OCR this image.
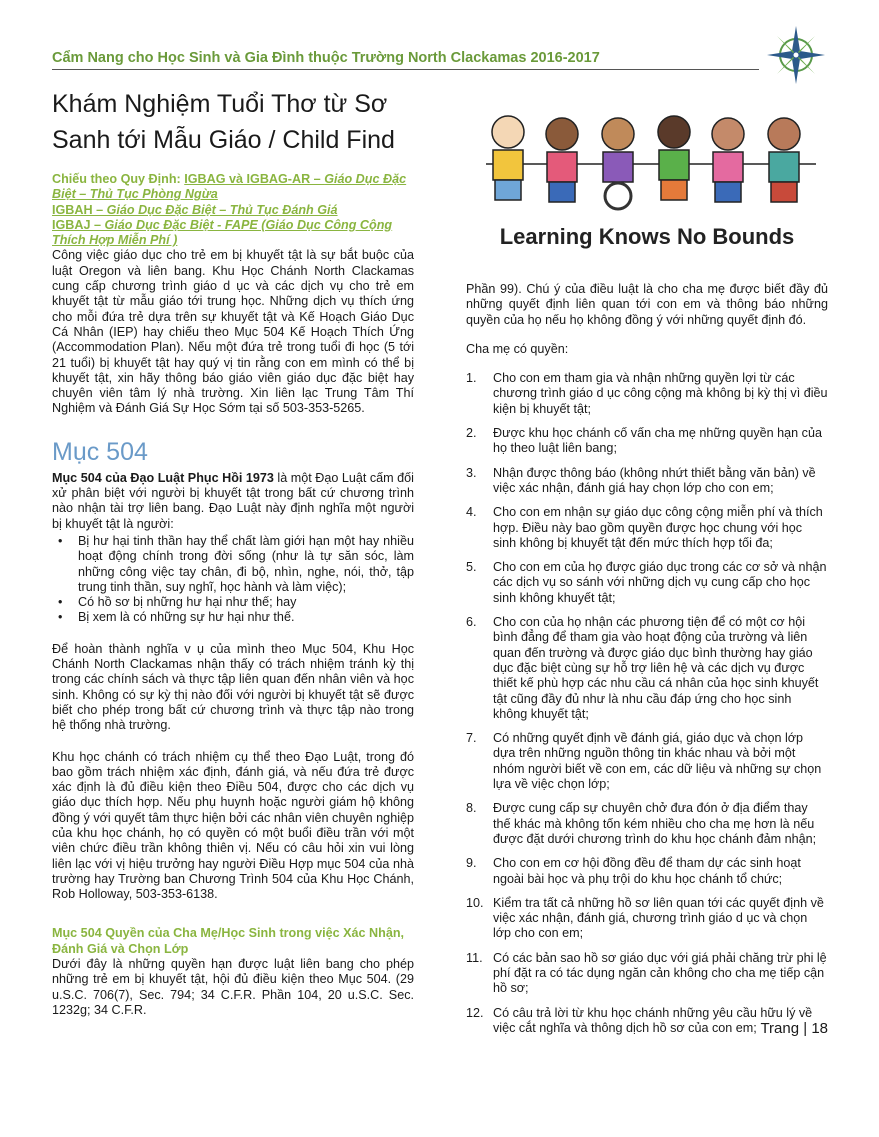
Cẩm Nang cho Học Sinh và Gia Đình thuộc Trường North Clackamas 2016-2017
Khám Nghiệm Tuổi Thơ từ Sơ
Sanh tới Mẫu Giáo / Child Find

Chiếu theo Quy Định: IGBAG và IGBAG-AR – Giáo Dục Đặc Biệt – Thủ Tục Phòng Ngừa
IGBAH – Giáo Dục Đặc Biệt – Thủ Tục Đánh Giá
IGBAJ – Giáo Dục Đặc Biệt - FAPE (Giáo Dục Công Cộng Thích Hợp Miễn Phí )

Công việc giáo dục cho trẻ em bị khuyết tật là sự bắt buộc của luật Oregon và liên bang. Khu Học Chánh North Clackamas cung cấp chương trình giáo d ục và các dịch vụ cho trẻ em khuyết tật từ mẫu giáo tới trung học. Những dịch vụ thích ứng cho mỗi đứa trẻ dựa trên sự khuyết tật và Kế Hoạch Giáo Dục Cá Nhân (IEP) hay chiếu theo Mục 504 Kế Hoạch Thích Ứng (Accommodation Plan). Nếu một đứa trẻ trong tuổi đi học (5 tới 21 tuổi) bị khuyết tật hay quý vị tin rằng con em mình có thể bị khuyết tật, xin hãy thông báo giáo viên giáo dục đặc biệt hay chuyên viên tâm lý nhà trường. Xin liên lạc Trung Tâm Thí Nghiệm và Đánh Giá Sự Học Sớm tại số 503-353-5265.

Mục 504

Mục 504 của Đạo Luật Phục Hồi 1973 là một Đạo Luật cấm đối xử phân biệt với người bị khuyết tật trong bất cứ chương trình nào nhận tài trợ liên bang. Đạo Luật này định nghĩa một người bị khuyết tật là người:

• Bị hư hại tinh thần hay thể chất làm giới hạn một hay nhiều hoạt động chính trong đời sống (như là tự săn sóc, làm những công việc tay chân, đi bộ, nhìn, nghe, nói, thở, tập trung tinh thần, suy nghĩ, học hành và làm việc);
• Có hồ sơ bị những hư hại như thế; hay
• Bị xem là có những sự hư hại như thế.

Để hoàn thành nghĩa v ụ của mình theo Mục 504, Khu Học Chánh North Clackamas nhận thấy có trách nhiệm tránh kỳ thị trong các chính sách và thực tập liên quan đến nhân viên và học sinh. Không có sự kỳ thị nào đối với người bị khuyết tật sẽ được biết cho phép trong bất cứ chương trình và thực tập nào trong hệ thống nhà trường.

Khu học chánh có trách nhiệm cụ thể theo Đạo Luật, trong đó bao gồm trách nhiệm xác định, đánh giá, và nếu đứa trẻ được xác định là đủ điều kiện theo Điều 504, được cho các dịch vụ giáo dục thích hợp. Nếu phụ huynh hoặc người giám hộ không đồng ý với quyết tâm thực hiện bởi các nhân viên chuyên nghiệp của khu học chánh, họ có quyền có một buổi điều trần với một viên chức điều trần không thiên vị. Nếu có câu hỏi xin vui lòng liên lạc với vị hiệu trưởng hay người Điều Hợp mục 504 của nhà trường hay Trường ban Chương Trình 504 của Khu Học Chánh, Rob Holloway, 503-353-6138.

Mục 504 Quyền của Cha Mẹ/Học Sinh trong việc Xác Nhận, Đánh Giá và Chọn Lớp

Dưới đây là những quyền hạn được luật liên bang cho phép những trẻ em bị khuyết tật, hội đủ điều kiện theo Mục 504. (29 u.S.C. 706(7), Sec. 794; 34 C.F.R. Phần 104, 20 u.S.C. Sec. 1232g; 34 C.F.R.

Learning Knows No Bounds

Phần 99). Chú ý của điều luật là cho cha mẹ được biết đầy đủ những quyết định liên quan tới con em và thông báo những quyền của họ nếu họ không đồng ý với những quyết định đó.

Cha mẹ có quyền:

1. Cho con em tham gia và nhận những quyền lợi từ các chương trình giáo d ục công cộng mà không bị kỳ thị vì điều kiện bị khuyết tật;
2. Được khu học chánh cố vấn cha mẹ những quyền hạn của họ theo luật liên bang;
3. Nhận được thông báo (không nhứt thiết bằng văn bản) về việc xác nhận, đánh giá hay chọn lớp cho con em;
4. Cho con em nhận sự giáo dục công cộng miễn phí và thích hợp. Điều này bao gồm quyền được học chung với học sinh không bị khuyết tật đến mức thích hợp tối đa;
5. Cho con em của họ được giáo dục trong các cơ sở và nhận các dịch vụ so sánh với những dịch vụ cung cấp cho học sinh không khuyết tật;
6. Cho con của họ nhận các phương tiện để có một cơ hội bình đẳng để tham gia vào hoạt động của trường và liên quan đến trường và được giáo dục bình thường hay giáo dục đặc biệt cùng sự hỗ trợ liên hệ và các dịch vụ được thiết kế phù hợp các nhu cầu cá nhân của học sinh khuyết tật cũng đầy đủ như là nhu cầu đáp ứng cho học sinh không khuyết tật;
7. Có những quyết định về đánh giá, giáo dục và chọn lớp dựa trên những nguồn thông tin khác nhau và bởi một nhóm người biết về con em, các dữ liệu và những sự chọn lựa về việc chọn lớp;
8. Được cung cấp sự chuyên chở đưa đón ở địa điểm thay thế khác mà không tốn kém nhiều cho cha mẹ hơn là nếu được đặt dưới chương trình do khu học chánh đảm nhận;
9. Cho con em cơ hội đồng đều để tham dự các sinh hoạt ngoài bài học và phụ trội do khu học chánh tổ chức;
10. Kiểm tra tất cả những hồ sơ liên quan tới các quyết định về việc xác nhận, đánh giá, chương trình giáo d ục và chọn lớp cho con em;
11. Có các bản sao hồ sơ giáo dục với giá phải chăng trừ phi lệ phí đặt ra có tác dụng ngăn cản không cho cha mẹ tiếp cận hồ sơ;
12. Có câu trả lời từ khu học chánh những yêu cầu hữu lý về việc cắt nghĩa và thông dịch hồ sơ của con em; Trang | 18
